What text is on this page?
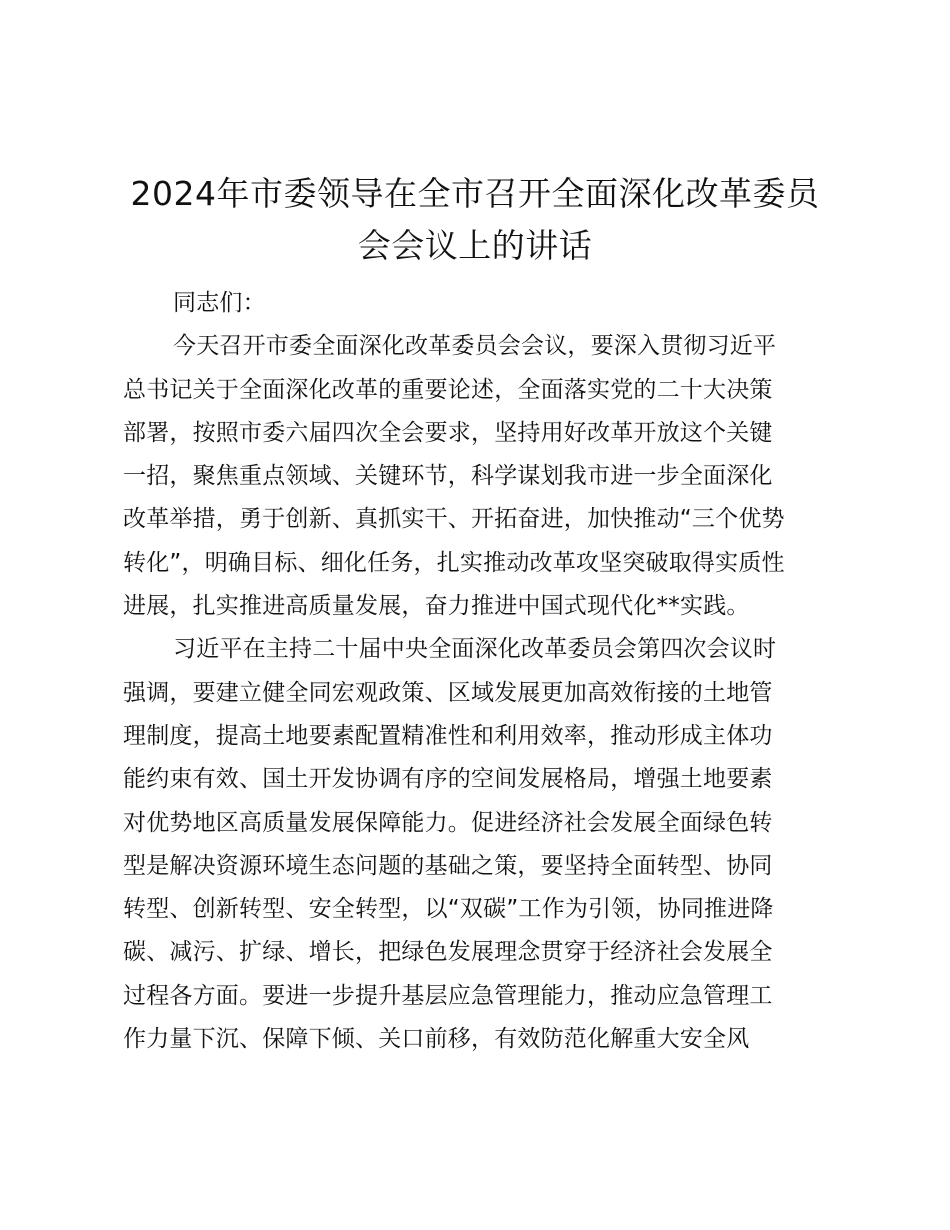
2024年市委领导在全市召开全面深化改革委员
会会议上的讲话
同志们：
今天召开市委全面深化改革委员会会议，要深入贯彻习近平
总书记关于全面深化改革的重要论述，全面落实党的二十大决策
部署，按照市委六届四次全会要求，坚持用好改革开放这个关键
一招，聚焦重点领域、关键环节，科学谋划我市进一步全面深化
改革举措，勇于创新、真抓实干、开拓奋进，加快推动“三个优势
转化”，明确目标、细化任务，扎实推动改革攻坚突破取得实质性
进展，扎实推进高质量发展，奋力推进中国式现代化**实践。
习近平在主持二十届中央全面深化改革委员会第四次会议时
强调，要建立健全同宏观政策、区域发展更加高效衔接的土地管
理制度，提高土地要素配置精准性和利用效率，推动形成主体功
能约束有效、国土开发协调有序的空间发展格局，增强土地要素
对优势地区高质量发展保障能力。促进经济社会发展全面绿色转
型是解决资源环境生态问题的基础之策，要坚持全面转型、协同
转型、创新转型、安全转型，以“双碳”工作为引领，协同推进降
碳、减污、扩绿、增长，把绿色发展理念贯穿于经济社会发展全
过程各方面。要进一步提升基层应急管理能力，推动应急管理工
作力量下沉、保障下倾、关口前移，有效防范化解重大安全风
